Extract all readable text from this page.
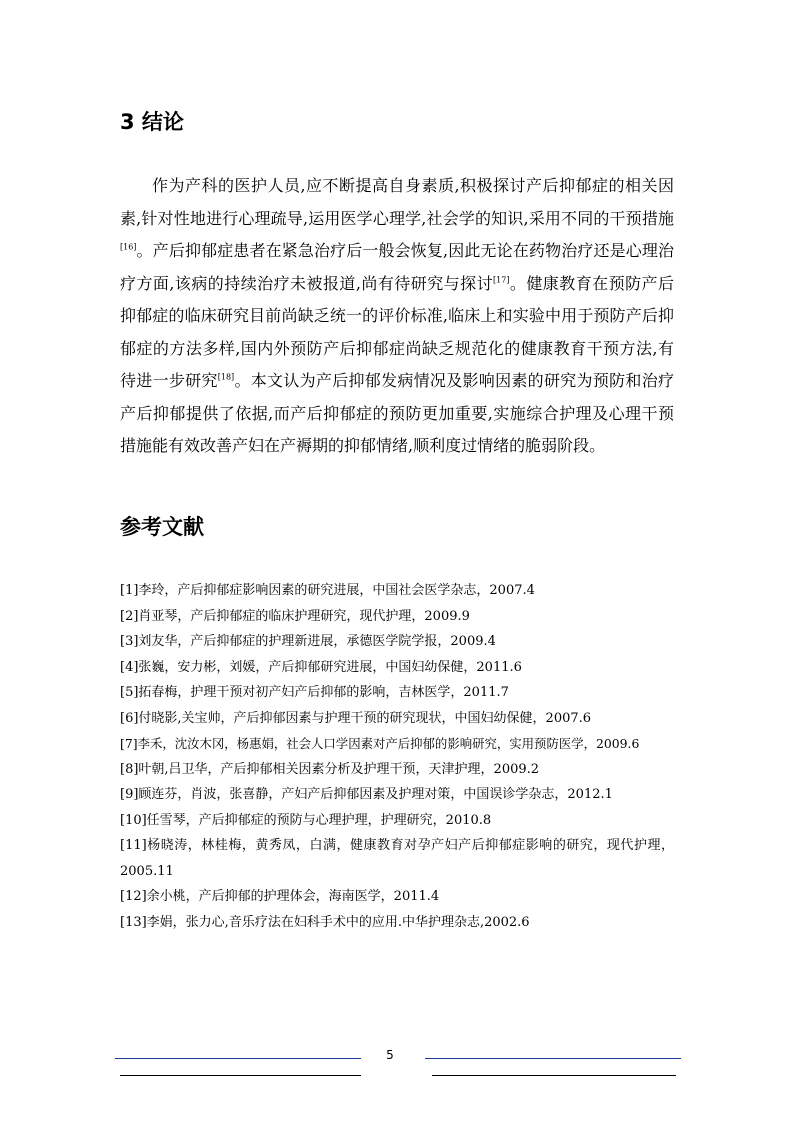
3 结论

作为产科的医护人员,应不断提高自身素质,积极探讨产后抑郁症的相关因素,针对性地进行心理疏导,运用医学心理学,社会学的知识,采用不同的干预措施[16]。产后抑郁症患者在紧急治疗后一般会恢复,因此无论在药物治疗还是心理治疗方面,该病的持续治疗未被报道,尚有待研究与探讨[17]。健康教育在预防产后抑郁症的临床研究目前尚缺乏统一的评价标准,临床上和实验中用于预防产后抑郁症的方法多样,国内外预防产后抑郁症尚缺乏规范化的健康教育干预方法,有待进一步研究[18]。本文认为产后抑郁发病情况及影响因素的研究为预防和治疗产后抑郁提供了依据,而产后抑郁症的预防更加重要,实施综合护理及心理干预措施能有效改善产妇在产褥期的抑郁情绪,顺利度过情绪的脆弱阶段。

参考文献
[1]李玲，产后抑郁症影响因素的研究进展，中国社会医学杂志，2007.4
[2]肖亚琴，产后抑郁症的临床护理研究，现代护理，2009.9
[3]刘友华，产后抑郁症的护理新进展，承德医学院学报，2009.4
[4]张巍，安力彬，刘媛，产后抑郁研究进展，中国妇幼保健，2011.6
[5]拓春梅，护理干预对初产妇产后抑郁的影响，吉林医学，2011.7
[6]付晓影,关宝帅，产后抑郁因素与护理干预的研究现状，中国妇幼保健，2007.6
[7]李禾，沈汝木冈，杨惠娟，社会人口学因素对产后抑郁的影响研究，实用预防医学，2009.6
[8]叶朝,吕卫华，产后抑郁相关因素分析及护理干预，天津护理，2009.2
[9]顾连芬，肖波，张喜静，产妇产后抑郁因素及护理对策，中国误诊学杂志，2012.1
[10]任雪琴，产后抑郁症的预防与心理护理，护理研究，2010.8
[11]杨晓涛，林桂梅，黄秀凤，白满，健康教育对孕产妇产后抑郁症影响的研究，现代护理，2005.11
[12]余小桃，产后抑郁的护理体会，海南医学，2011.4
[13]李娟，张力心,音乐疗法在妇科手术中的应用.中华护理杂志,2002.6
5
